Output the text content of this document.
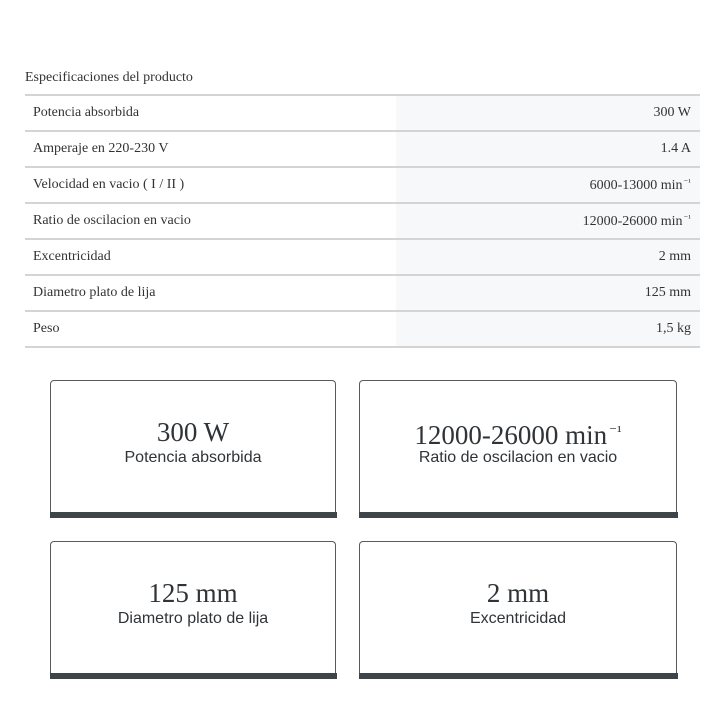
Especificaciones del producto
Potencia absorbida	300 W
Amperaje en 220-230 V	1.4 A
Velocidad en vacio ( I / II )	6000-13000 $\min^{^{-1}}$
Ratio de oscilacion en vacio	12000-26000 $\min^{^{-1}}$
Excentricidad	2 mm
Diametro plato de lija	125 mm
Peso	1,5 kg
300 W
Potencia absorbida
12000-26000 min $^{^{-1}}$
Ratio de oscilacion en vacio
125 mm
Diametro plato de lija
2 mm
Excentricidad
